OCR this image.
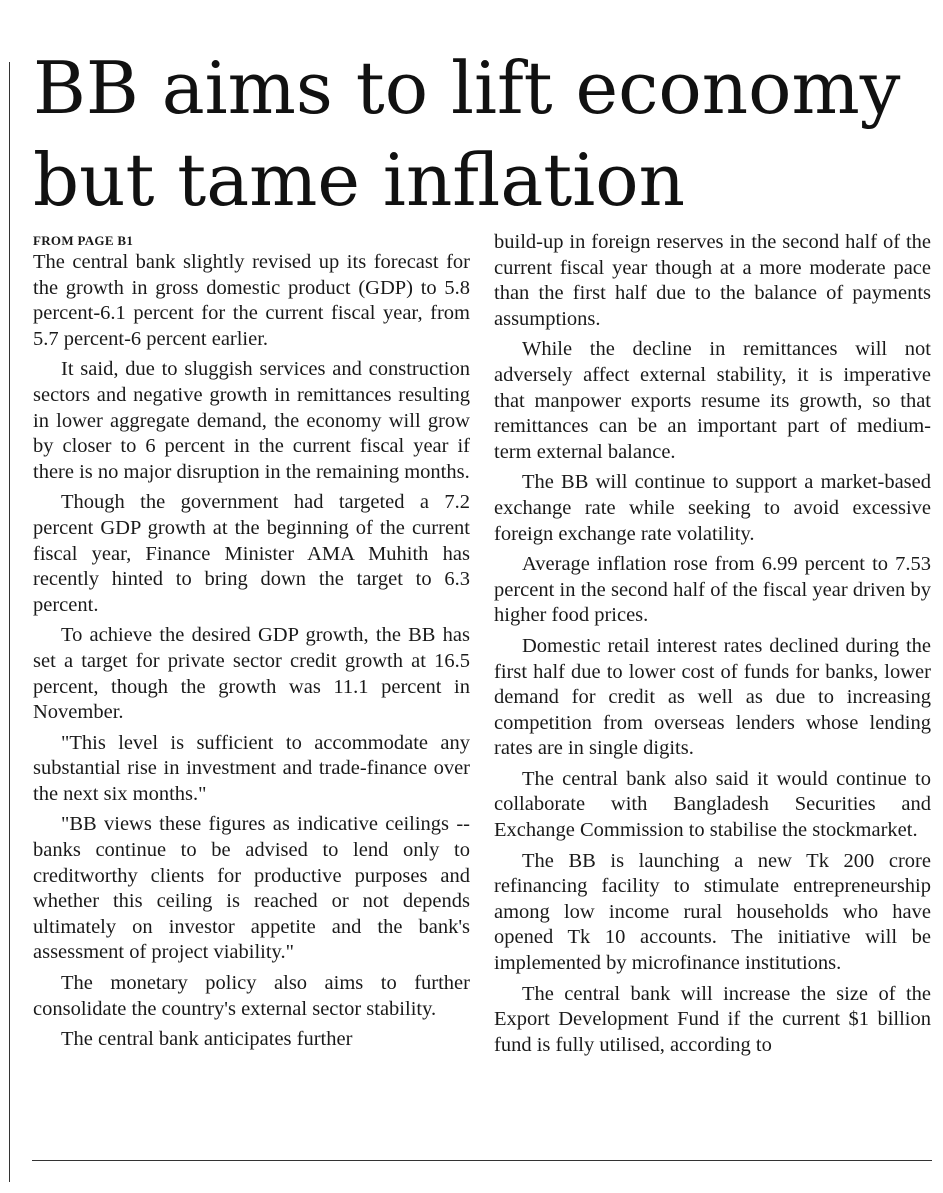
BB aims to lift economy
but tame inflation
FROM PAGE B1

The central bank slightly revised up its forecast for the growth in gross domestic product (GDP) to 5.8 percent-6.1 percent for the current fiscal year, from 5.7 percent-6 percent earlier.

It said, due to sluggish services and construction sectors and negative growth in remittances resulting in lower aggregate demand, the economy will grow by closer to 6 percent in the current fiscal year if there is no major disruption in the remaining months.

Though the government had targeted a 7.2 percent GDP growth at the beginning of the current fiscal year, Finance Minister AMA Muhith has recently hinted to bring down the target to 6.3 percent.

To achieve the desired GDP growth, the BB has set a target for private sector credit growth at 16.5 percent, though the growth was 11.1 percent in November.

"This level is sufficient to accommodate any substantial rise in investment and trade-finance over the next six months."

"BB views these figures as indicative ceilings -- banks continue to be advised to lend only to creditworthy clients for productive purposes and whether this ceiling is reached or not depends ultimately on investor appetite and the bank's assessment of project viability."

The monetary policy also aims to further consolidate the country's external sector stability.

The central bank anticipates further

build-up in foreign reserves in the second half of the current fiscal year though at a more moderate pace than the first half due to the balance of payments assumptions.

While the decline in remittances will not adversely affect external stability, it is imperative that manpower exports resume its growth, so that remittances can be an important part of medium-term external balance.

The BB will continue to support a market-based exchange rate while seeking to avoid excessive foreign exchange rate volatility.

Average inflation rose from 6.99 percent to 7.53 percent in the second half of the fiscal year driven by higher food prices.

Domestic retail interest rates declined during the first half due to lower cost of funds for banks, lower demand for credit as well as due to increasing competition from overseas lenders whose lending rates are in single digits.

The central bank also said it would continue to collaborate with Bangladesh Securities and Exchange Commission to stabilise the stockmarket.

The BB is launching a new Tk 200 crore refinancing facility to stimulate entrepreneurship among low income rural households who have opened Tk 10 accounts. The initiative will be implemented by microfinance institutions.

The central bank will increase the size of the Export Development Fund if the current $1 billion fund is fully utilised, according to
